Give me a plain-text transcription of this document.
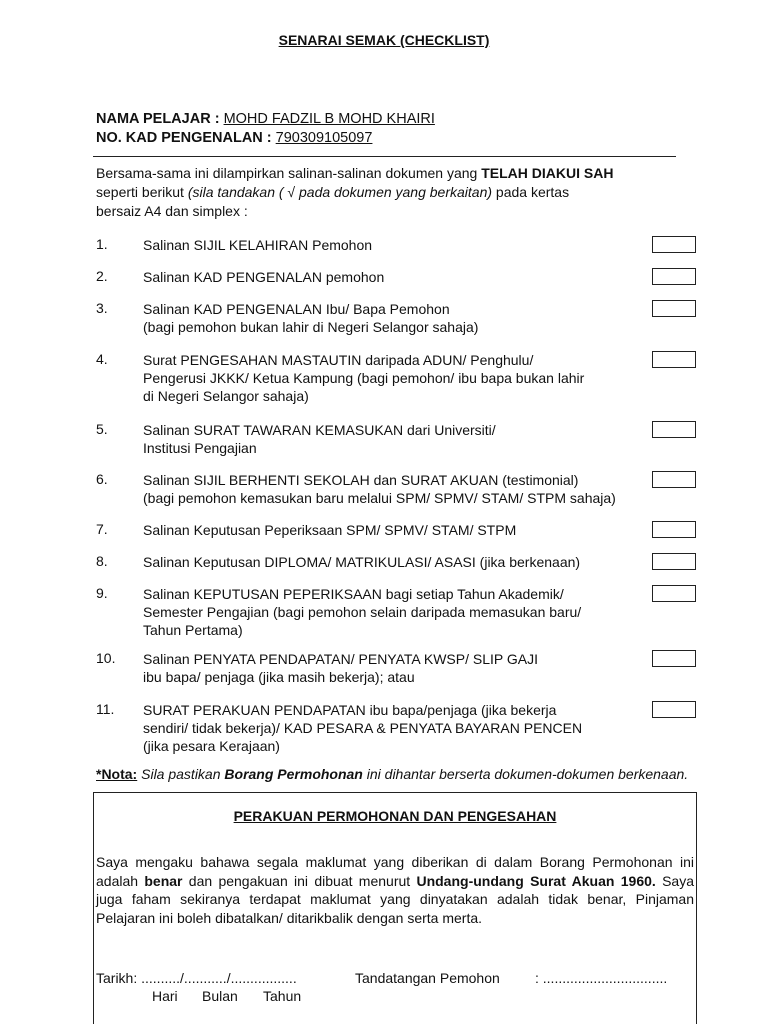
SENARAI SEMAK (CHECKLIST)
NAMA PELAJAR : MOHD FADZIL B MOHD KHAIRI
NO. KAD PENGENALAN : 790309105097
Bersama-sama ini dilampirkan salinan-salinan dokumen yang TELAH DIAKUI SAH
seperti berikut (sila tandakan ( √ pada dokumen yang berkaitan) pada kertas
bersaiz A4 dan simplex :
1.	Salinan SIJIL KELAHIRAN Pemohon
2.	Salinan KAD PENGENALAN pemohon
3.	Salinan KAD PENGENALAN Ibu/ Bapa Pemohon
(bagi pemohon bukan lahir di Negeri Selangor sahaja)
4.	Surat PENGESAHAN MASTAUTIN daripada ADUN/ Penghulu/
Pengerusi JKKK/ Ketua Kampung (bagi pemohon/ ibu bapa bukan lahir
di Negeri Selangor sahaja)
5.	Salinan SURAT TAWARAN KEMASUKAN dari Universiti/
Institusi Pengajian
6.	Salinan SIJIL BERHENTI SEKOLAH dan SURAT AKUAN (testimonial)
(bagi pemohon kemasukan baru melalui SPM/ SPMV/ STAM/ STPM sahaja)
7.	Salinan Keputusan Peperiksaan SPM/ SPMV/ STAM/ STPM
8.	Salinan Keputusan DIPLOMA/ MATRIKULASI/ ASASI (jika berkenaan)
9.	Salinan KEPUTUSAN PEPERIKSAAN bagi setiap Tahun Akademik/
Semester Pengajian (bagi pemohon selain daripada memasukan baru/
Tahun Pertama)
10. Salinan PENYATA PENDAPATAN/ PENYATA KWSP/ SLIP GAJI
ibu bapa/ penjaga (jika masih bekerja); atau
11. SURAT PERAKUAN PENDAPATAN ibu bapa/penjaga (jika bekerja
sendiri/ tidak bekerja)/ KAD PESARA & PENYATA BAYARAN PENCEN
(jika pesara Kerajaan)
*Nota: Sila pastikan Borang Permohonan ini dihantar berserta dokumen-dokumen berkenaan.
PERAKUAN PERMOHONAN DAN PENGESAHAN
Saya mengaku bahawa segala maklumat yang diberikan di dalam Borang Permohonan ini adalah benar dan pengakuan ini dibuat menurut Undang-undang Surat Akuan 1960. Saya juga faham sekiranya terdapat maklumat yang dinyatakan adalah tidak benar, Pinjaman Pelajaran ini boleh dibatalkan/ ditarikbalik dengan serta merta.
Tarikh: ........../.........../.................	Tandatangan Pemohon	: ................................
Hari Bulan Tahun
